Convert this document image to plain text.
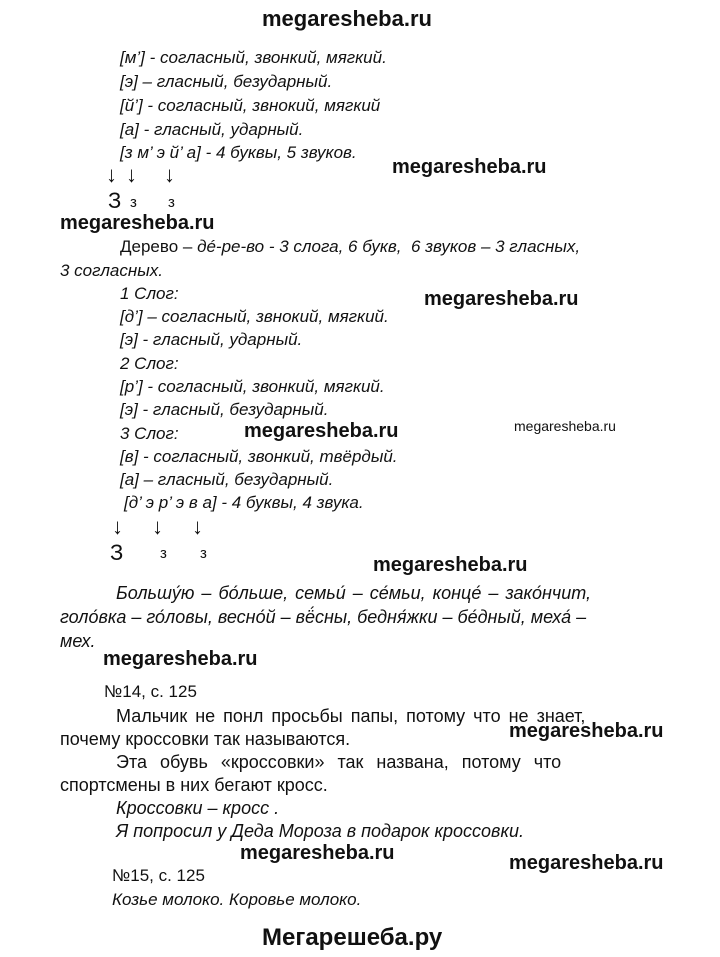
megaresheba.ru
megaresheba.ru
megaresheba.ru
megaresheba.ru
megaresheba.ru
megaresheba.ru
megaresheba.ru
megaresheba.ru
megaresheba.ru
megaresheba.ru	megaresheba.ru
Мегарешеба.ру
[м’] - согласный, звонкий, мягкий.
[э] – гласный, безударный.
[й’] - согласный, звнокий, мягкий
[а] - гласный, ударный.
[з м’ э й’ а] - 4 буквы, 5 звуков.
↓ ↓ ↓
З з з
Дерево – дé-ре-во - 3 слога, 6 букв,  6 звуков – 3 гласных,
3 согласных.
1 Слог:
[д’] – согласный, звнокий, мягкий.
[э] - гласный, ударный.
2 Слог:
[р’] - согласный, звонкий, мягкий.
[э] - гласный, безударный.
3 Слог:
[в] - согласный, звонкий, твёрдый.
[а] – гласный, безударный.
[д’ э р’ э в а] - 4 буквы, 4 звука.
↓ ↓ ↓
З з з
Большу́ю – бо́льше, семьи́ – се́мьи, конце́ – зако́нчит,
голо́вка – го́ловы, весно́й – вё́сны, бедня́жки – бе́дный, меха́ –
мех.
№14, с. 125
Мальчик не понл просьбы папы, потому что не знает,
почему кроссовки так называются.
Эта обувь «кроссовки» так названа, потому что
спортсмены в них бегают кросс.
Кроссовки – кросс .
Я попросил у Деда Мороза в подарок кроссовки.
№15, с. 125
Козье молоко. Коровье молоко.
